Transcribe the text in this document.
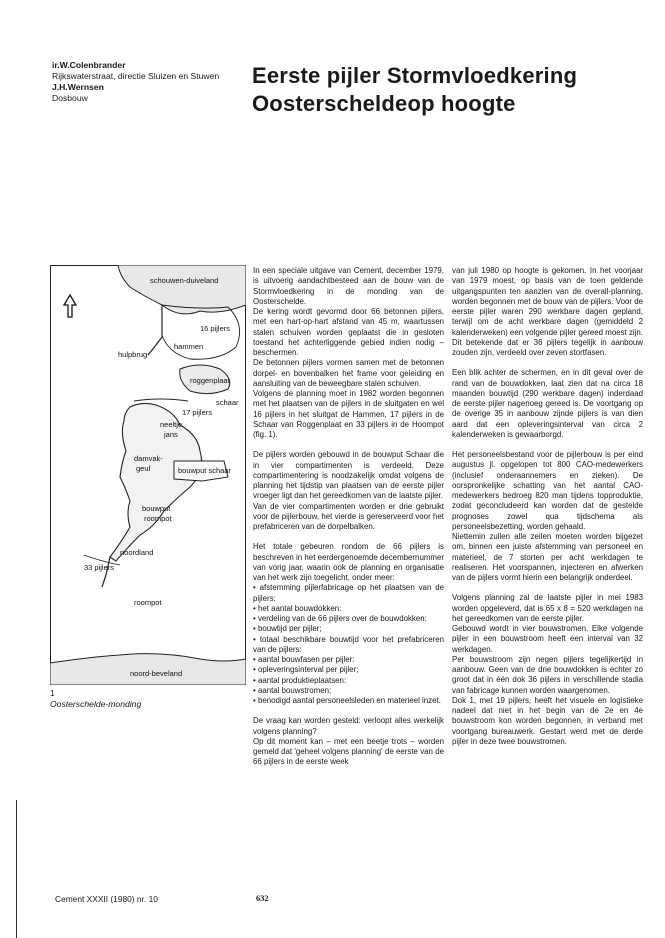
ir.W.Colenbrander
Rijkswaterstraat, directie Sluizen en Stuwen
J.H.Wernsen
Dosbouw
Eerste pijler Stormvloedkering
Oosterscheldeop hoogte
schouwen-duiveland
16 pijlers
hammen
hulpbrug
roggenplaat
schaar
17 pijlers
neeltje
jans
damvak-
geul	bouwput schaar
bouwput
roompot
noordland
33 pijlers
roompot
noord-beveland
1
Oosterschelde-monding

In een speciale uitgave van Cement, december 1979, is uitvoerig aandachtbesteed aan de bouw van de Stormvloedkering in de monding van de Oosterschelde.

De kering wordt gevormd door 66 betonnen pijlers, met een hart-op-hart afstand van 45 m, waartussen stalen schuiven worden geplaatst die in gesloten toestand het achterliggende gebied indien nodig – beschermen.

De betonnen pijlers vormen samen met de betonnen dorpel- en bovenbalken het frame voor geleiding en aansluiting van de beweegbare stalen schuiven.

Volgens de planning moet in 1982 worden begonnen met het plaatsen van de pijlers in de sluitgaten en wel 16 pijlers in het sluitgat de Hammen, 17 pijlers in de Schaar van Roggenplaat en 33 pijlers in de Hoompot (fig. 1).

De pijlers worden gebouwd in de bouwput Schaar die in vier compartimenten is verdeeld. Deze compartimentering is noodzakelijk omdat volgens de planning het tijdstip van plaatsen van de eerste pijler vroeger ligt dan het gereedkomen van de laatste pijler.

Van de vier compartimenten worden er drie gebruikt voor de pijlerbouw, het vierde is gereserveerd voor het prefabriceren van de dorpelbalken.

Het totale gebeuren rondom de 66 pijlers is beschreven in het eerdergenoemde decembernummer van vorig jaar, waarin ook de planning en organisatie van het werk zijn toegelicht, onder meer:

• afstemming pijlerfabricage op het plaatsen van de pijlers:

• het aantal bouwdokken:

• verdeling van de 66 pijlers over de bouwdokken:

• bouwtijd per pijler;

• totaal beschikbare bouwtijd voor het prefabriceren van de pijlers:

• aantal bouwfasen per pijler:

• opleveringsinterval per pijler;

• aantal produktieplaatsen:

• aantal bouwstromen;

• benodigd aantal personeelsleden en materieel inzet.

De vraag kan worden gesteld: verloopt alles werkelijk volgens planning?

Op dit moment kan – met een beetje trots – worden gemeld dat 'geheel volgens planning' de eerste van de 66 pijlers in de eerste week

van juli 1980 op hoogte is gekomen. In het voorjaar van 1979 moest, op basis van de toen geldende uitgangspunten ten aanzien van de overall-planning, worden begonnen met de bouw van de pijlers. Voor de eerste pijler waren 290 werkbare dagen gepland, terwijl om de acht werkbare dagen (gemiddeld 2 kalenderweken) een volgende pijler gereed moest zijn. Dit betekende dat er 36 pijlers tegelijk in aanbouw zouden zijn, verdeeld over zeven stortfasen.

Een blik achter de schermen, en in dit geval over de rand van de bouwdokken, laat zien dat na circa 18 maanden bouwtijd (290 werkbare dagen) inderdaad de eerste pijler nagenoeg gereed is. De voortgang op de overige 35 in aanbouw zijnde pijlers is van dien aard dat een opleveringsinterval van circa 2 kalenderweken is gewaarborgd.

Het personeelsbestand voor de pijlerbouw is per eind augustus jl. opgelopen tot 800 CAO-medewerkers (inclusief onderaannemers en zieken). De oorspronkelijke schatting van het aantal CAO-medewerkers bedroeg 820 man tijdens topproduktie, zodat geconcludeerd kan worden dat de gestelde prognoses zowel qua tijdschema als personeelsbezetting, worden gehaald.

Niettemin zullen alle zeilen moeten worden bijgezet om, binnen een juiste afstemming van personeel en materieel, de 7 storten per acht werkdagen te realiseren. Het voorspannen, injecteren en afwerken van de pijlers vormt hierin een belangrijk onderdeel.

Volgens planning zal de laatste pijler in mei 1983 worden opgeleverd, dat is 65 x 8 = 520 werkdagen na het gereedkomen van de eerste pijler.

Gebouwd wordt in vier bouwstromen. Elke volgende pijler in een bouwstroom heeft een interval van 32 werkdagen.

Per bouwstroom zijn negen pijlers tegelijkertijd in aanbouw. Geen van de drie bouwdokken is echter zo groot dat in één dok 36 pijlers in verschillende stadia van fabricage kunnen worden waargenomen.

Dok 1, met 19 pijlers, heeft het visuele en logistieke nadeel dat niet in het begin van de 2e en 4e bouwstroom kon worden begonnen, in verband met voortgang bureauwerk. Gestart werd met de derde pijler in deze twee bouwstromen.

Cement XXXII (1980) nr. 10	632
